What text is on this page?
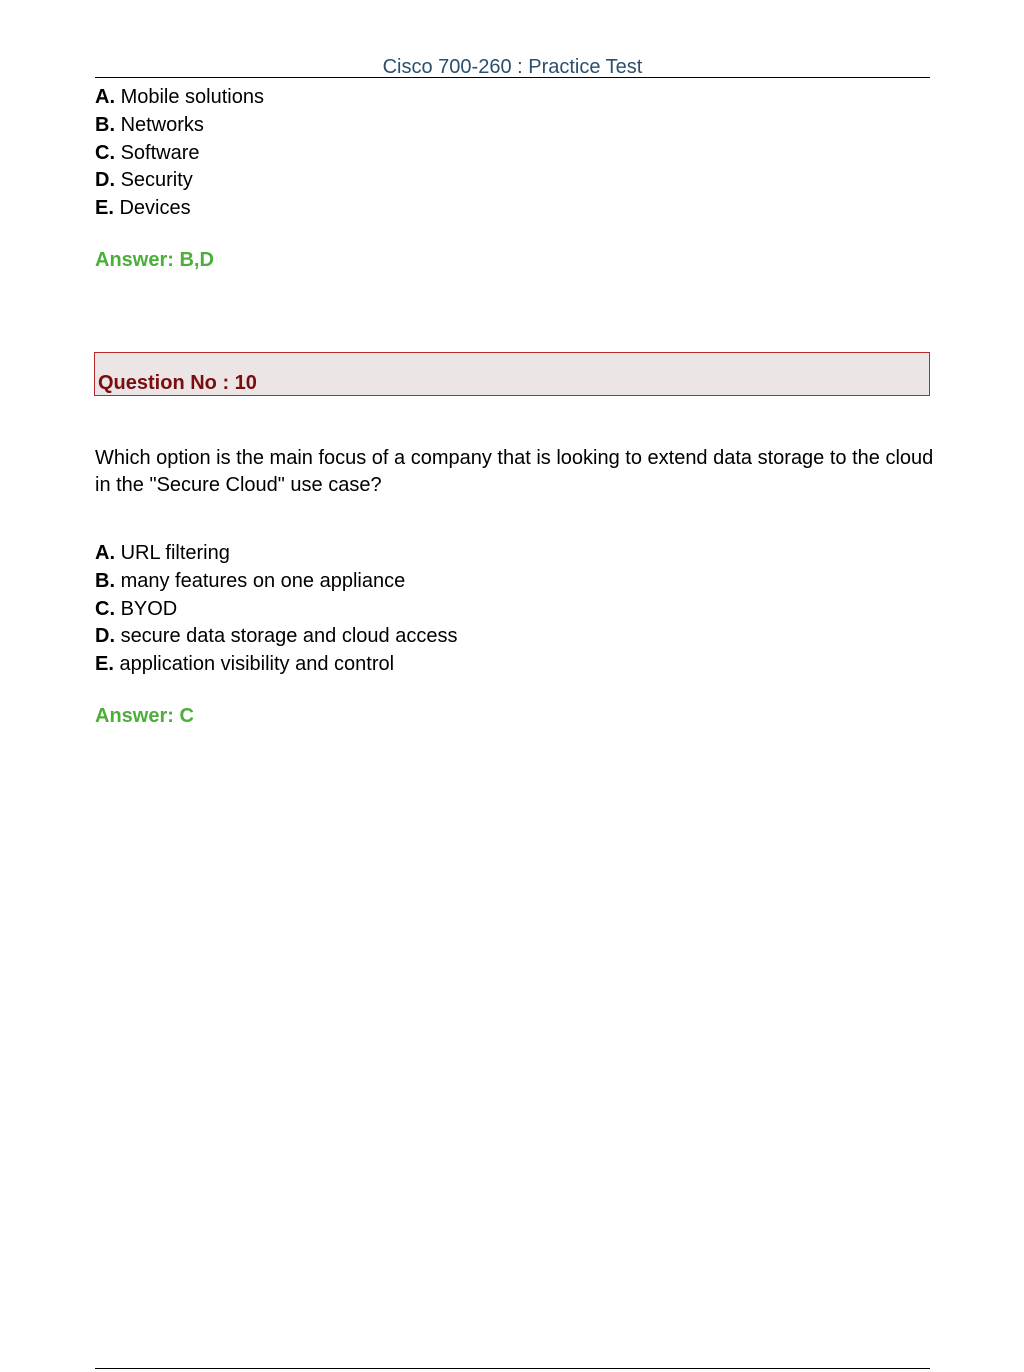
Cisco 700-260 : Practice Test
A. Mobile solutions
B. Networks
C. Software
D. Security
E. Devices
Answer: B,D
Question No : 10

Which option is the main focus of a company that is looking to extend data storage to the cloud in the "Secure Cloud" use case?

A. URL filtering
B. many features on one appliance
C. BYOD
D. secure data storage and cloud access
E. application visibility and control
Answer: C
